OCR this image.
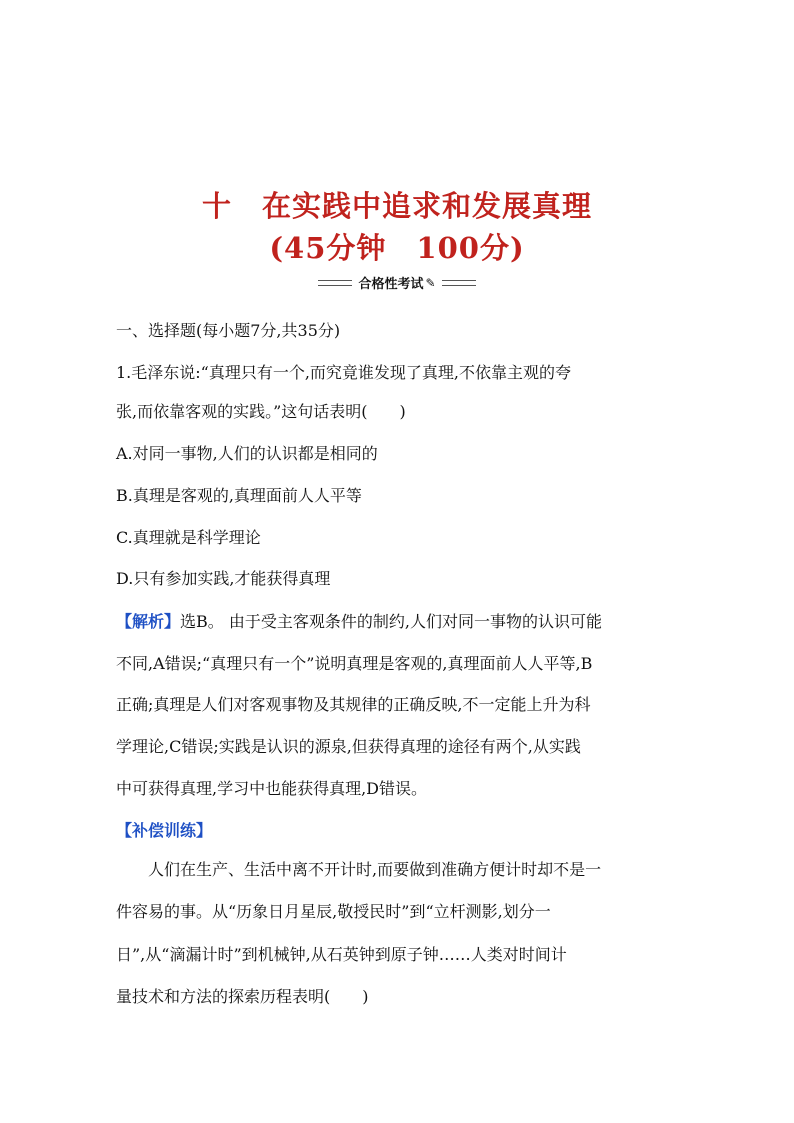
十　在实践中追求和发展真理
(45分钟　100分)
合格性考试 ✎
一、选择题(每小题7分,共35分)
1.毛泽东说:“真理只有一个,而究竟谁发现了真理,不依靠主观的夸
张,而依靠客观的实践。”这句话表明(　　)
A.对同一事物,人们的认识都是相同的
B.真理是客观的,真理面前人人平等
C.真理就是科学理论
D.只有参加实践,才能获得真理
【解析】选B。 由于受主客观条件的制约,人们对同一事物的认识可能
不同,A错误;“真理只有一个”说明真理是客观的,真理面前人人平等,B
正确;真理是人们对客观事物及其规律的正确反映,不一定能上升为科
学理论,C错误;实践是认识的源泉,但获得真理的途径有两个,从实践
中可获得真理,学习中也能获得真理,D错误。
【补偿训练】
人们在生产、生活中离不开计时,而要做到准确方便计时却不是一
件容易的事。从“历象日月星辰,敬授民时”到“立杆测影,划分一
日”,从“滴漏计时”到机械钟,从石英钟到原子钟……人类对时间计
量技术和方法的探索历程表明(　　)
